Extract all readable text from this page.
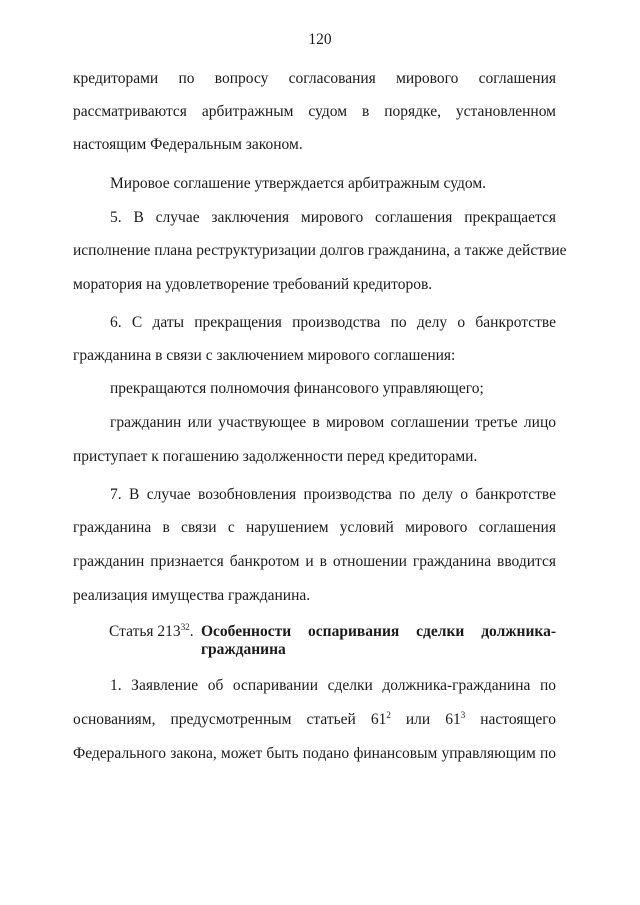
120
кредиторами по вопросу согласования мирового соглашения
рассматриваются арбитражным судом в порядке, установленном
настоящим Федеральным законом.
Мировое соглашение утверждается арбитражным судом.
5. В случае заключения мирового соглашения прекращается
исполнение плана реструктуризации долгов гражданина, а также действие
моратория на удовлетворение требований кредиторов.
6. С даты прекращения производства по делу о банкротстве
гражданина в связи с заключением мирового соглашения:
прекращаются полномочия финансового управляющего;
гражданин или участвующее в мировом соглашении третье лицо
приступает к погашению задолженности перед кредиторами.
7. В случае возобновления производства по делу о банкротстве
гражданина в связи с нарушением условий мирового соглашения
гражданин признается банкротом и в отношении гражданина вводится
реализация имущества гражданина.
Статья $213^{32}$. Особенности оспаривания сделки должника-
гражданина
1. Заявление об оспаривании сделки должника-гражданина по
основаниям, предусмотренным статьей $61^2$ или $61^3$ настоящего
Федерального закона, может быть подано финансовым управляющим по
